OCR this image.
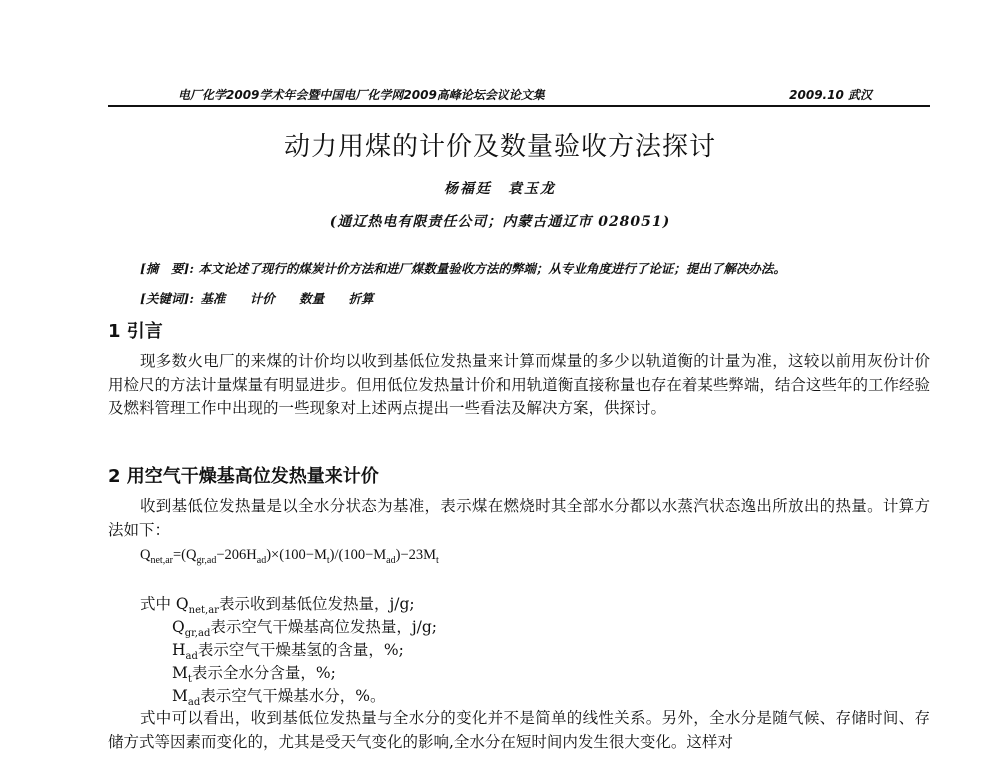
电厂化学2009学术年会暨中国电厂化学网2009高峰论坛会议论文集	2009.10 武汉
动力用煤的计价及数量验收方法探讨
杨福廷　袁玉龙
(通辽热电有限责任公司；内蒙古通辽市 028051)
[摘　要]: 本文论述了现行的煤炭计价方法和进厂煤数量验收方法的弊端；从专业角度进行了论证；提出了解决办法。
[关键词]: 基准 计价 数量 折算
1 引言
现多数火电厂的来煤的计价均以收到基低位发热量来计算而煤量的多少以轨道衡的计量为准，这较以前用灰份计价用检尺的方法计量煤量有明显进步。但用低位发热量计价和用轨道衡直接称量也存在着某些弊端，结合这些年的工作经验及燃料管理工作中出现的一些现象对上述两点提出一些看法及解决方案，供探讨。
2 用空气干燥基高位发热量来计价
收到基低位发热量是以全水分状态为基准，表示煤在燃烧时其全部水分都以水蒸汽状态逸出所放出的热量。计算方法如下：
$Q_{net,ar}=(Q_{gr,ad}-206H_{ad})\times(100-M_t)/(100-M_{ad})-23M_t$
式中 $Q_{net,ar}$表示收到基低位发热量，j/g;
$Q_{gr,ad}$表示空气干燥基高位发热量，j/g;
$H_{ad}$表示空气干燥基氢的含量，%;
$M_t$表示全水分含量，%;
$M_{ad}$表示空气干燥基水分，%。
式中可以看出，收到基低位发热量与全水分的变化并不是简单的线性关系。另外，全水分是随气候、存储时间、存储方式等因素而变化的，尤其是受天气变化的影响,全水分在短时间内发生很大变化。这样对
